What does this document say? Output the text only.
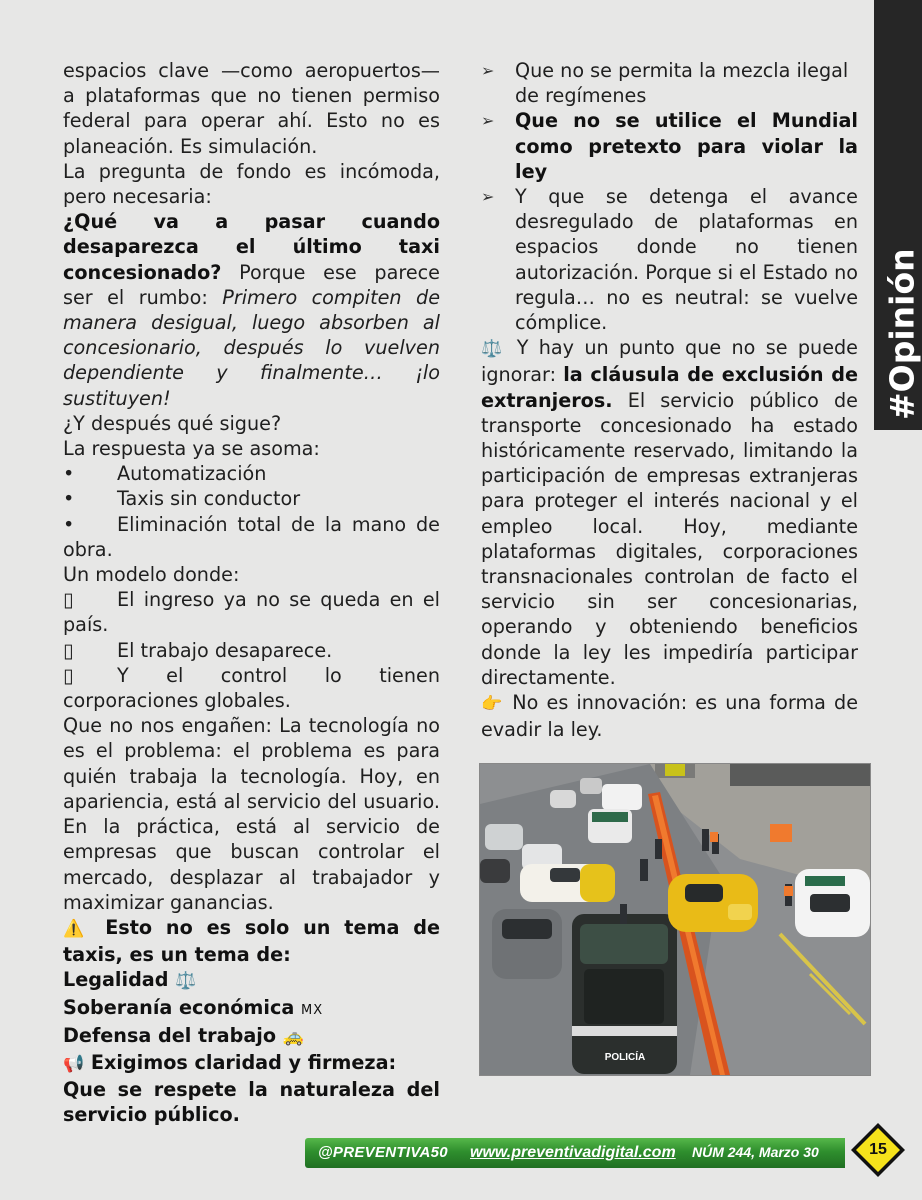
#Opinión

espacios clave —como aeropuertos— a plataformas que no tienen permiso federal para operar ahí. Esto no es planeación. Es simulación.

La pregunta de fondo es incómoda, pero necesaria:

¿Qué va a pasar cuando desaparezca el último taxi concesionado? Porque ese parece ser el rumbo: Primero compiten de manera desigual, luego absorben al concesionario, después lo vuelven dependiente y finalmente… ¡lo sustituyen!

¿Y después qué sigue?

La respuesta ya se asoma:

•	Automatización
•	Taxis sin conductor
• Eliminación total de la mano de obra.

Un modelo donde:

▯ El ingreso ya no se queda en el país.
▯	El trabajo desaparece.
▯ Y el control lo tienen corporaciones globales.

Que no nos engañen: La tecnología no es el problema: el problema es para quién trabaja la tecnología. Hoy, en apariencia, está al servicio del usuario. En la práctica, está al servicio de empresas que buscan controlar el mercado, desplazar al trabajador y maximizar ganancias.

⚠️ Esto no es solo un tema de taxis, es un tema de:

Legalidad ⚖️

Soberanía económica MX

Defensa del trabajo 🚕

📢 Exigimos claridad y firmeza:

Que se respete la naturaleza del servicio público.

➢	Que no se permita la mezcla ilegal de regímenes
➢	Que no se utilice el Mundial como pretexto para violar la ley
➢	Y que se detenga el avance desregulado de plataformas en espacios donde no tienen autorización. Porque si el Estado no regula… no es neutral: se vuelve cómplice.

⚖️ Y hay un punto que no se puede ignorar: la cláusula de exclusión de extranjeros. El servicio público de transporte concesionado ha estado históricamente reservado, limitando la participación de empresas extranjeras para proteger el interés nacional y el empleo local. Hoy, mediante plataformas digitales, corporaciones transnacionales controlan de facto el servicio sin ser concesionarias, operando y obteniendo beneficios donde la ley les impediría participar directamente.

👉 No es innovación: es una forma de evadir la ley.

POLICÍA
@PREVENTIVA50 www.preventivadigital.com NÚM 244, Marzo 30	15
